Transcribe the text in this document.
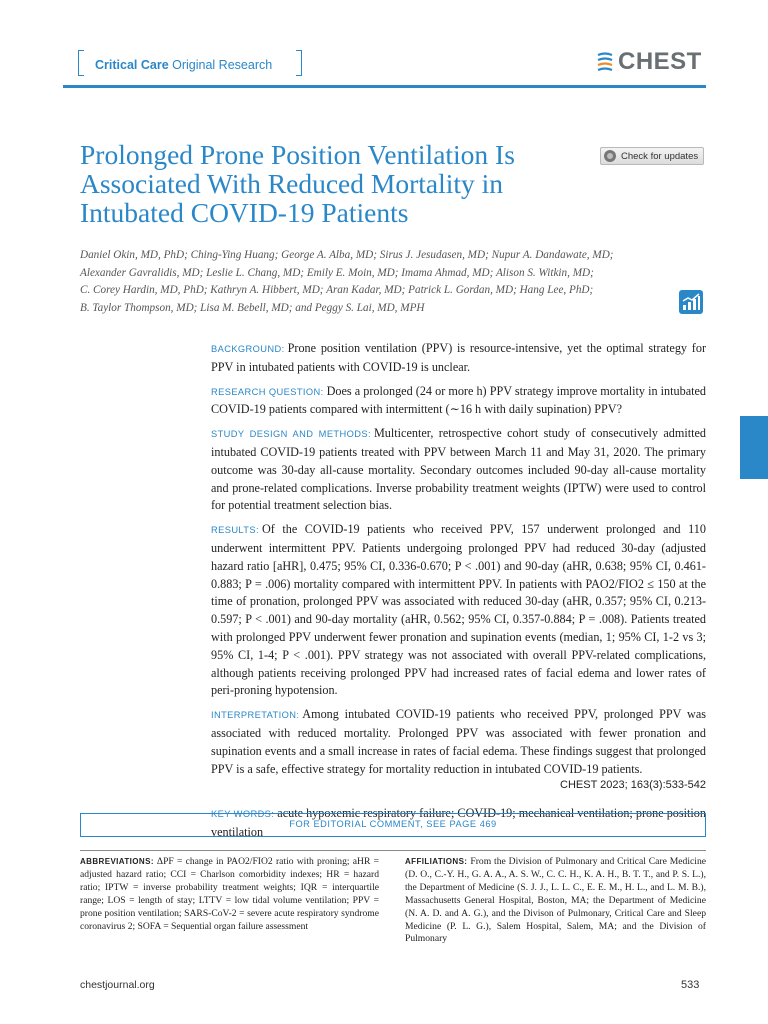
Critical Care Original Research	CHEST
Prolonged Prone Position Ventilation Is Associated With Reduced Mortality in Intubated COVID-19 Patients
Check for updates

Daniel Okin, MD, PhD; Ching-Ying Huang; George A. Alba, MD; Sirus J. Jesudasen, MD; Nupur A. Dandawate, MD;
Alexander Gavralidis, MD; Leslie L. Chang, MD; Emily E. Moin, MD; Imama Ahmad, MD; Alison S. Witkin, MD;
C. Corey Hardin, MD, PhD; Kathryn A. Hibbert, MD; Aran Kadar, MD; Patrick L. Gordan, MD; Hang Lee, PhD;
B. Taylor Thompson, MD; Lisa M. Bebell, MD; and Peggy S. Lai, MD, MPH

BACKGROUND: Prone position ventilation (PPV) is resource-intensive, yet the optimal strategy for PPV in intubated patients with COVID-19 is unclear.

RESEARCH QUESTION: Does a prolonged (24 or more h) PPV strategy improve mortality in intubated COVID-19 patients compared with intermittent (∼16 h with daily supination) PPV?

STUDY DESIGN AND METHODS: Multicenter, retrospective cohort study of consecutively admitted intubated COVID-19 patients treated with PPV between March 11 and May 31, 2020. The primary outcome was 30-day all-cause mortality. Secondary outcomes included 90-day all-cause mortality and prone-related complications. Inverse probability treatment weights (IPTW) were used to control for potential treatment selection bias.

RESULTS: Of the COVID-19 patients who received PPV, 157 underwent prolonged and 110 underwent intermittent PPV. Patients undergoing prolonged PPV had reduced 30-day (adjusted hazard ratio [aHR], 0.475; 95% CI, 0.336-0.670; P < .001) and 90-day (aHR, 0.638; 95% CI, 0.461-0.883; P = .006) mortality compared with intermittent PPV. In patients with PAO2/FIO2 ≤ 150 at the time of pronation, prolonged PPV was associated with reduced 30-day (aHR, 0.357; 95% CI, 0.213-0.597; P < .001) and 90-day mortality (aHR, 0.562; 95% CI, 0.357-0.884; P = .008). Patients treated with prolonged PPV underwent fewer pronation and supination events (median, 1; 95% CI, 1-2 vs 3; 95% CI, 1-4; P < .001). PPV strategy was not associated with overall PPV-related complications, although patients receiving prolonged PPV had increased rates of facial edema and lower rates of peri-proning hypotension.

INTERPRETATION: Among intubated COVID-19 patients who received PPV, prolonged PPV was associated with reduced mortality. Prolonged PPV was associated with fewer pronation and supination events and a small increase in rates of facial edema. These findings suggest that prolonged PPV is a safe, effective strategy for mortality reduction in intubated COVID-19 patients.

CHEST 2023; 163(3):533-542

KEY WORDS: acute hypoxemic respiratory failure; COVID-19; mechanical ventilation; prone position ventilation

FOR EDITORIAL COMMENT, SEE PAGE 469

ABBREVIATIONS: ΔPF = change in PAO2/FIO2 ratio with proning; aHR = adjusted hazard ratio; CCI = Charlson comorbidity indexes; HR = hazard ratio; IPTW = inverse probability treatment weights; IQR = interquartile range; LOS = length of stay; LTTV = low tidal volume ventilation; PPV = prone position ventilation; SARS-CoV-2 = severe acute respiratory syndrome coronavirus 2; SOFA = Sequential organ failure assessment

AFFILIATIONS: From the Division of Pulmonary and Critical Care Medicine (D. O., C.-Y. H., G. A. A., A. S. W., C. C. H., K. A. H., B. T. T., and P. S. L.), the Department of Medicine (S. J. J., L. L. C., E. E. M., H. L., and L. M. B.), Massachusetts General Hospital, Boston, MA; the Department of Medicine (N. A. D. and A. G.), and the Divison of Pulmonary, Critical Care and Sleep Medicine (P. L. G.), Salem Hospital, Salem, MA; and the Division of Pulmonary

chestjournal.org	533
